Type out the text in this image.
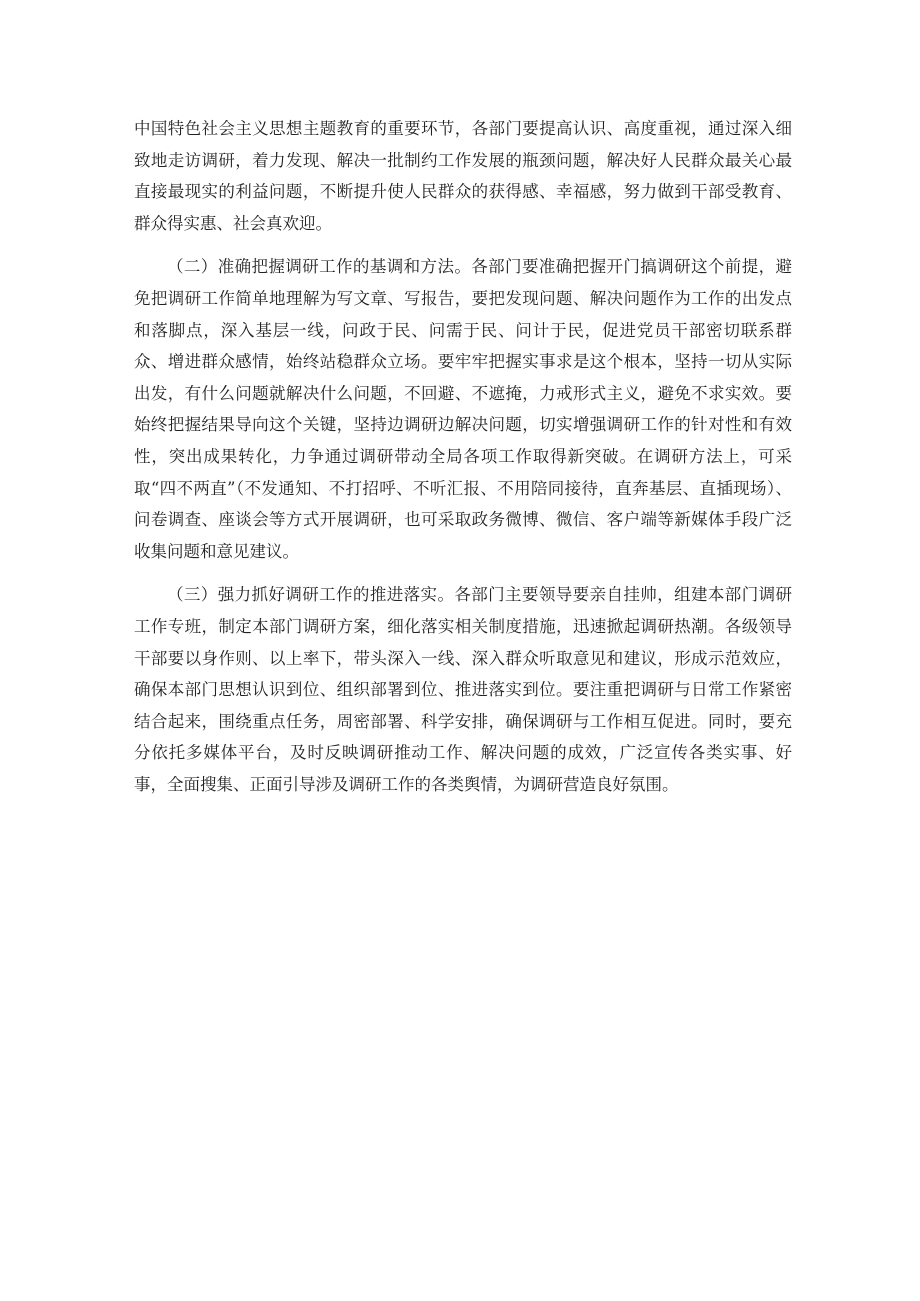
中国特色社会主义思想主题教育的重要环节，各部门要提高认识、高度重视，通过深入细致地走访调研，着力发现、解决一批制约工作发展的瓶颈问题，解决好人民群众最关心最直接最现实的利益问题，不断提升使人民群众的获得感、幸福感，努力做到干部受教育、群众得实惠、社会真欢迎。

（二）准确把握调研工作的基调和方法。各部门要准确把握开门搞调研这个前提，避免把调研工作简单地理解为写文章、写报告，要把发现问题、解决问题作为工作的出发点和落脚点，深入基层一线，问政于民、问需于民、问计于民，促进党员干部密切联系群众、增进群众感情，始终站稳群众立场。要牢牢把握实事求是这个根本，坚持一切从实际出发，有什么问题就解决什么问题，不回避、不遮掩，力戒形式主义，避免不求实效。要始终把握结果导向这个关键，坚持边调研边解决问题，切实增强调研工作的针对性和有效性，突出成果转化，力争通过调研带动全局各项工作取得新突破。在调研方法上，可采取“四不两直”（不发通知、不打招呼、不听汇报、不用陪同接待，直奔基层、直插现场）、问卷调查、座谈会等方式开展调研，也可采取政务微博、微信、客户端等新媒体手段广泛收集问题和意见建议。

（三）强力抓好调研工作的推进落实。各部门主要领导要亲自挂帅，组建本部门调研工作专班，制定本部门调研方案，细化落实相关制度措施，迅速掀起调研热潮。各级领导干部要以身作则、以上率下，带头深入一线、深入群众听取意见和建议，形成示范效应，确保本部门思想认识到位、组织部署到位、推进落实到位。要注重把调研与日常工作紧密结合起来，围绕重点任务，周密部署、科学安排，确保调研与工作相互促进。同时，要充分依托多媒体平台，及时反映调研推动工作、解决问题的成效，广泛宣传各类实事、好事，全面搜集、正面引导涉及调研工作的各类舆情，为调研营造良好氛围。
